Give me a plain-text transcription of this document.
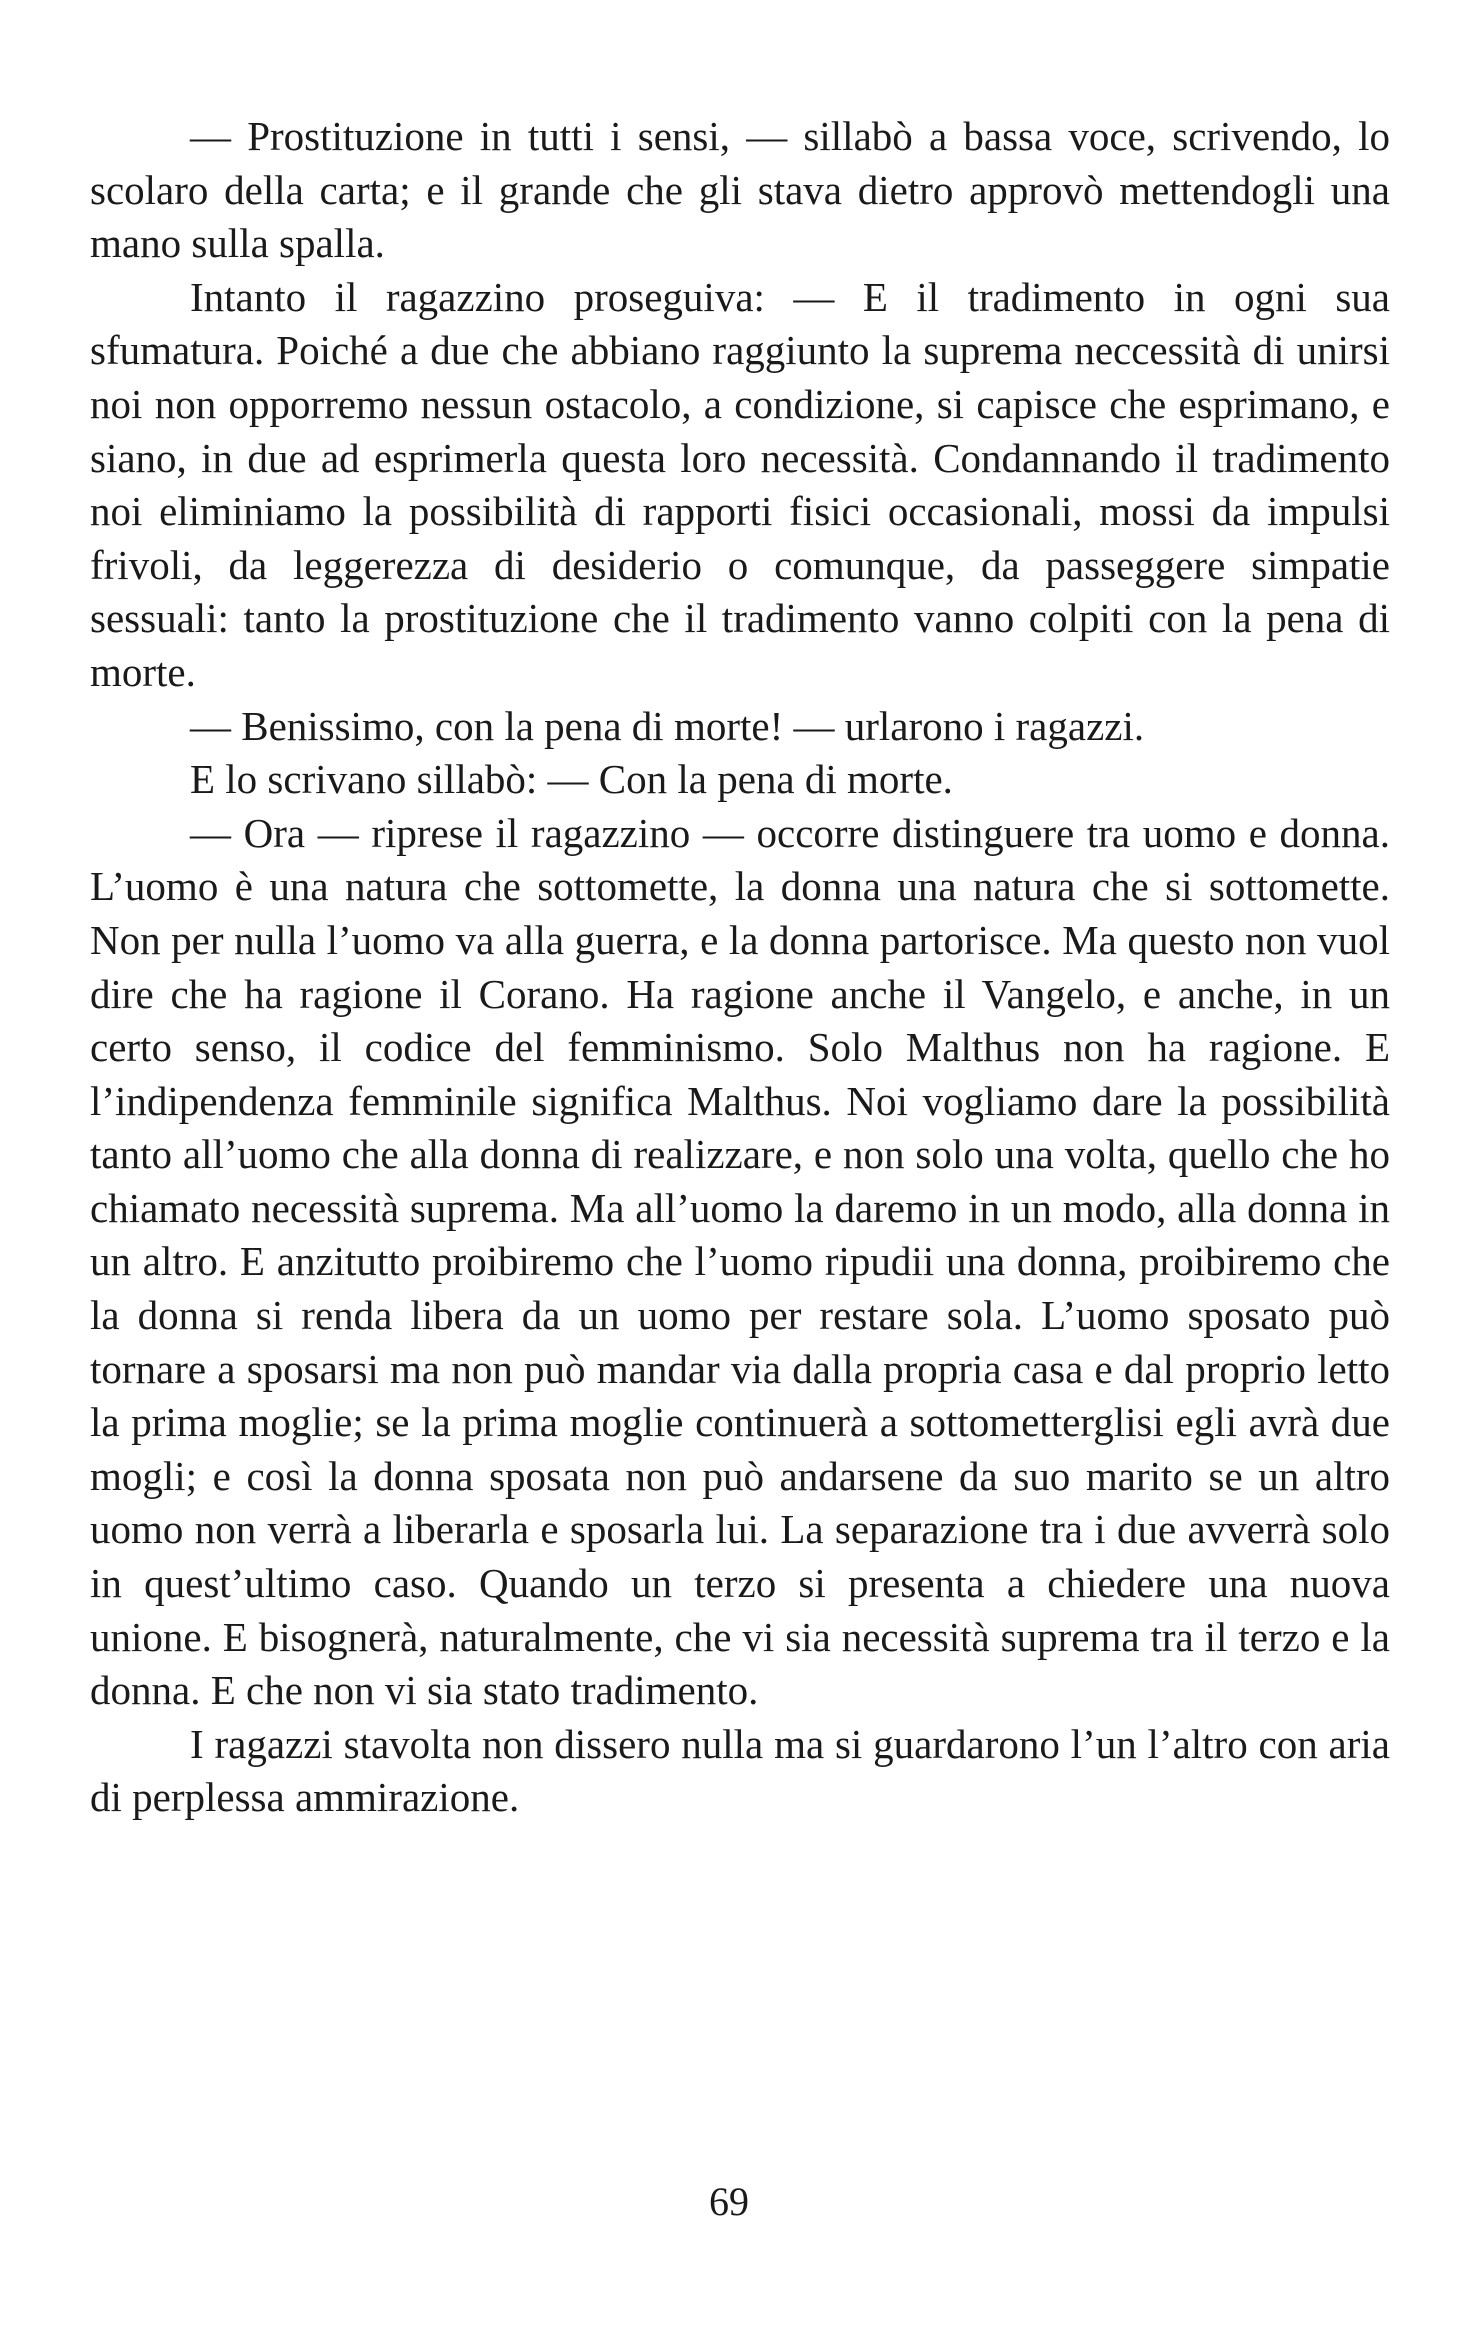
— Prostituzione in tutti i sensi, — sillabò a bassa voce, scrivendo, lo scolaro della carta; e il grande che gli stava dietro approvò mettendogli una mano sulla spalla.

Intanto il ragazzino proseguiva: — E il tradimento in ogni sua sfumatura. Poiché a due che abbiano raggiunto la suprema neccessità di unirsi noi non opporremo nessun ostacolo, a condizione, si capisce che esprimano, e siano, in due ad esprimerla questa loro necessità. Condannando il tradimento noi eliminiamo la possibilità di rapporti fisici occasionali, mossi da impulsi frivoli, da leggerezza di desiderio o comunque, da passeggere simpatie sessuali: tanto la prostituzione che il tradimento vanno colpiti con la pena di morte.

— Benissimo, con la pena di morte! — urlarono i ragazzi.

E lo scrivano sillabò: — Con la pena di morte.

— Ora — riprese il ragazzino — occorre distinguere tra uomo e donna. L’uomo è una natura che sottomette, la donna una natura che si sottomette. Non per nulla l’uomo va alla guerra, e la donna partorisce. Ma questo non vuol dire che ha ragione il Corano. Ha ragione anche il Vangelo, e anche, in un certo senso, il codice del femminismo. Solo Malthus non ha ragione. E l’indipendenza femminile significa Malthus. Noi vogliamo dare la possibilità tanto all’uomo che alla donna di realizzare, e non solo una volta, quello che ho chiamato necessità suprema. Ma all’uomo la daremo in un modo, alla donna in un altro. E anzitutto proibiremo che l’uomo ripudii una donna, proibiremo che la donna si renda libera da un uomo per restare sola. L’uomo sposato può tornare a sposarsi ma non può mandar via dalla propria casa e dal proprio letto la prima moglie; se la prima moglie continuerà a sottometterglisi egli avrà due mogli; e così la donna sposata non può andarsene da suo marito se un altro uomo non verrà a liberarla e sposarla lui. La separazione tra i due avverrà solo in quest’ultimo caso. Quando un terzo si presenta a chiedere una nuova unione. E bisognerà, naturalmente, che vi sia necessità suprema tra il terzo e la donna. E che non vi sia stato tradimento.

I ragazzi stavolta non dissero nulla ma si guardarono l’un l’altro con aria di perplessa ammirazione.

69
